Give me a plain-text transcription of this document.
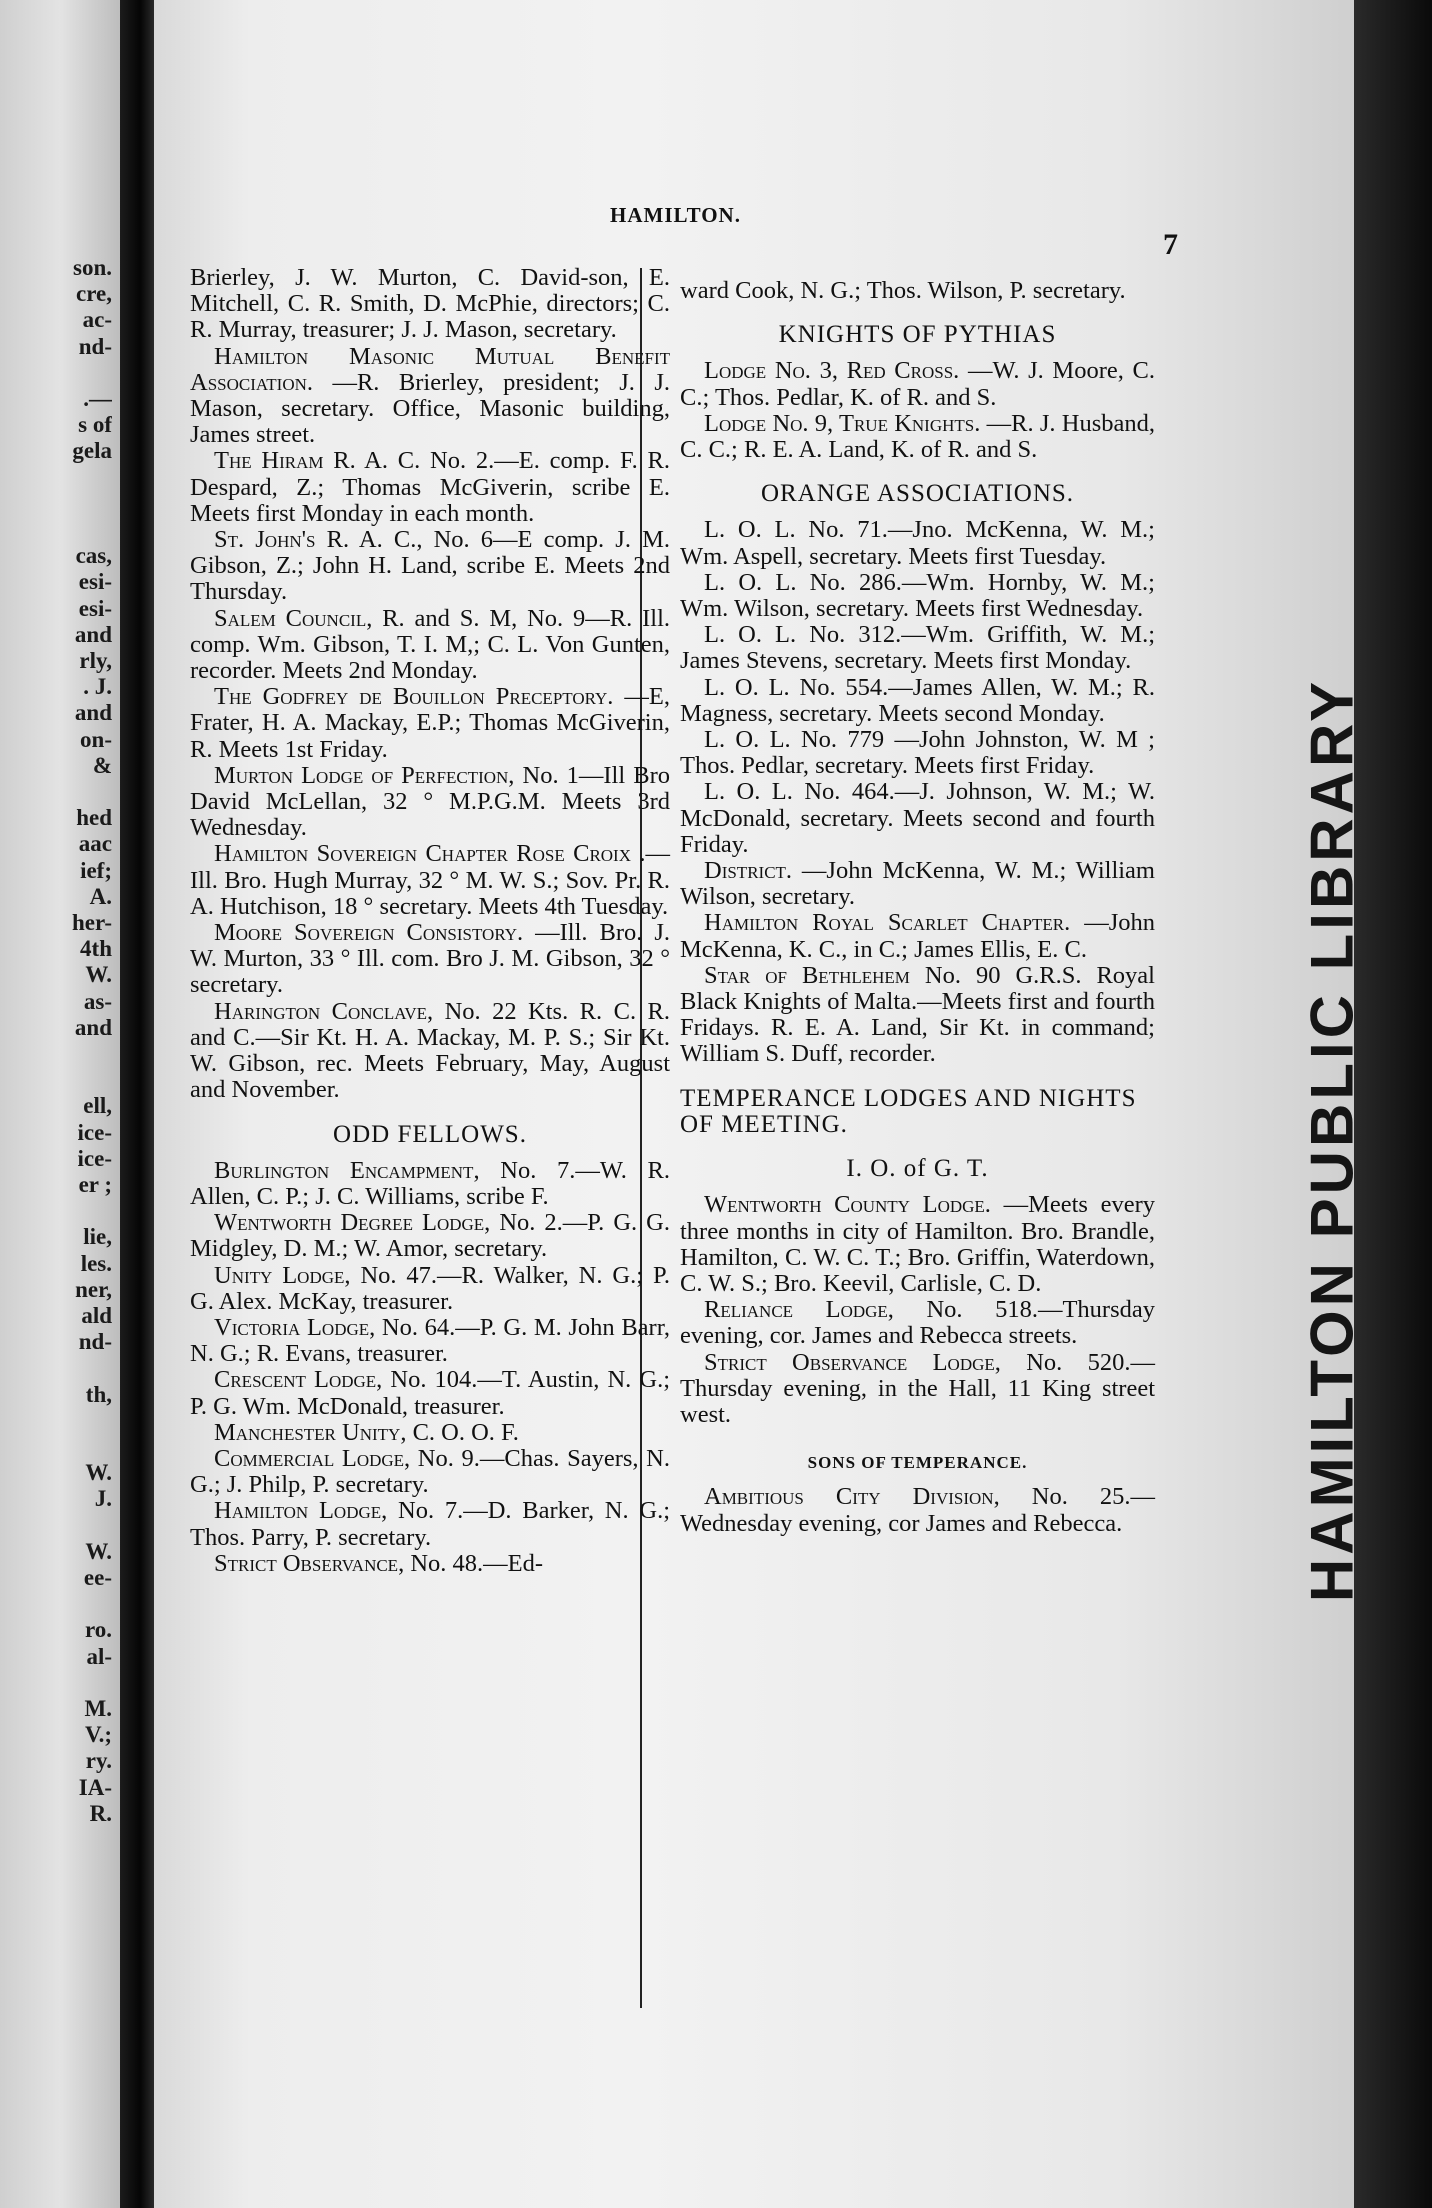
son.
cre,
ac-
nd-
.—
s of
gela
cas,
esi-
esi-
and
rly,
. J.
and
on-
&
hed
aac
ief;
A.
her-
4th
W.
as-
and
ell,
ice-
ice-
er ;
lie,
les.
ner,
ald
nd-
th,
W.
J.
W.
ee-
ro.
al-
M.
V.;
ry.
IA-
R.
HAMILTON.
7

Brierley, J. W. Murton, C. David-son, E. Mitchell, C. R. Smith, D. McPhie, directors; C. R. Murray, treasurer; J. J. Mason, secretary.

Hamilton Masonic Mutual Benefit Association. —R. Brierley, president; J. J. Mason, secretary. Office, Masonic building, James street.

The Hiram R. A. C. No. 2.—E. comp. F. R. Despard, Z.; Thomas McGiverin, scribe E. Meets first Monday in each month.

St. John's R. A. C., No. 6—E comp. J. M. Gibson, Z.; John H. Land, scribe E. Meets 2nd Thursday.

Salem Council, R. and S. M, No. 9—R. Ill. comp. Wm. Gibson, T. I. M,; C. L. Von Gunten, recorder. Meets 2nd Monday.

The Godfrey de Bouillon Preceptory. —E, Frater, H. A. Mackay, E.P.; Thomas McGiverin, R. Meets 1st Friday.

Murton Lodge of Perfection, No. 1—Ill Bro David McLellan, 32 ° M.P.G.M. Meets 3rd Wednesday.

Hamilton Sovereign Chapter Rose Croix .—Ill. Bro. Hugh Murray, 32 ° M. W. S.; Sov. Pr. R. A. Hutchison, 18 ° secretary. Meets 4th Tuesday.

Moore Sovereign Consistory. —Ill. Bro. J. W. Murton, 33 ° Ill. com. Bro J. M. Gibson, 32 ° secretary.

Harington Conclave, No. 22 Kts. R. C. R. and C.—Sir Kt. H. A. Mackay, M. P. S.; Sir Kt. W. Gibson, rec. Meets February, May, August and November.

ODD FELLOWS.

Burlington Encampment, No. 7.—W. R. Allen, C. P.; J. C. Williams, scribe F.

Wentworth Degree Lodge, No. 2.—P. G. G. Midgley, D. M.; W. Amor, secretary.

Unity Lodge, No. 47.—R. Walker, N. G.; P. G. Alex. McKay, treasurer.

Victoria Lodge, No. 64.—P. G. M. John Barr, N. G.; R. Evans, treasurer.

Crescent Lodge, No. 104.—T. Austin, N. G.; P. G. Wm. McDonald, treasurer.

Manchester Unity, C. O. O. F.

Commercial Lodge, No. 9.—Chas. Sayers, N. G.; J. Philp, P. secretary.

Hamilton Lodge, No. 7.—D. Barker, N. G.; Thos. Parry, P. secretary.

Strict Observance, No. 48.—Ed-

ward Cook, N. G.; Thos. Wilson, P. secretary.

KNIGHTS OF PYTHIAS

Lodge No. 3, Red Cross. —W. J. Moore, C. C.; Thos. Pedlar, K. of R. and S.

Lodge No. 9, True Knights. —R. J. Husband, C. C.; R. E. A. Land, K. of R. and S.

ORANGE ASSOCIATIONS.

L. O. L. No. 71.—Jno. McKenna, W. M.; Wm. Aspell, secretary. Meets first Tuesday.

L. O. L. No. 286.—Wm. Hornby, W. M.; Wm. Wilson, secretary. Meets first Wednesday.

L. O. L. No. 312.—Wm. Griffith, W. M.; James Stevens, secretary. Meets first Monday.

L. O. L. No. 554.—James Allen, W. M.; R. Magness, secretary. Meets second Monday.

L. O. L. No. 779 —John Johnston, W. M ; Thos. Pedlar, secretary. Meets first Friday.

L. O. L. No. 464.—J. Johnson, W. M.; W. McDonald, secretary. Meets second and fourth Friday.

District. —John McKenna, W. M.; William Wilson, secretary.

Hamilton Royal Scarlet Chapter. —John McKenna, K. C., in C.; James Ellis, E. C.

Star of Bethlehem No. 90 G.R.S. Royal Black Knights of Malta.—Meets first and fourth Fridays. R. E. A. Land, Sir Kt. in command; William S. Duff, recorder.

TEMPERANCE LODGES AND NIGHTS OF MEETING.
I. O. of G. T.

Wentworth County Lodge. —Meets every three months in city of Hamilton. Bro. Brandle, Hamilton, C. W. C. T.; Bro. Griffin, Waterdown, C. W. S.; Bro. Keevil, Carlisle, C. D.

Reliance Lodge, No. 518.—Thursday evening, cor. James and Rebecca streets.

Strict Observance Lodge, No. 520.—Thursday evening, in the Hall, 11 King street west.

SONS OF TEMPERANCE.

Ambitious City Division, No. 25.—Wednesday evening, cor James and Rebecca.	HAMILTON PUBLIC LIBRARY
